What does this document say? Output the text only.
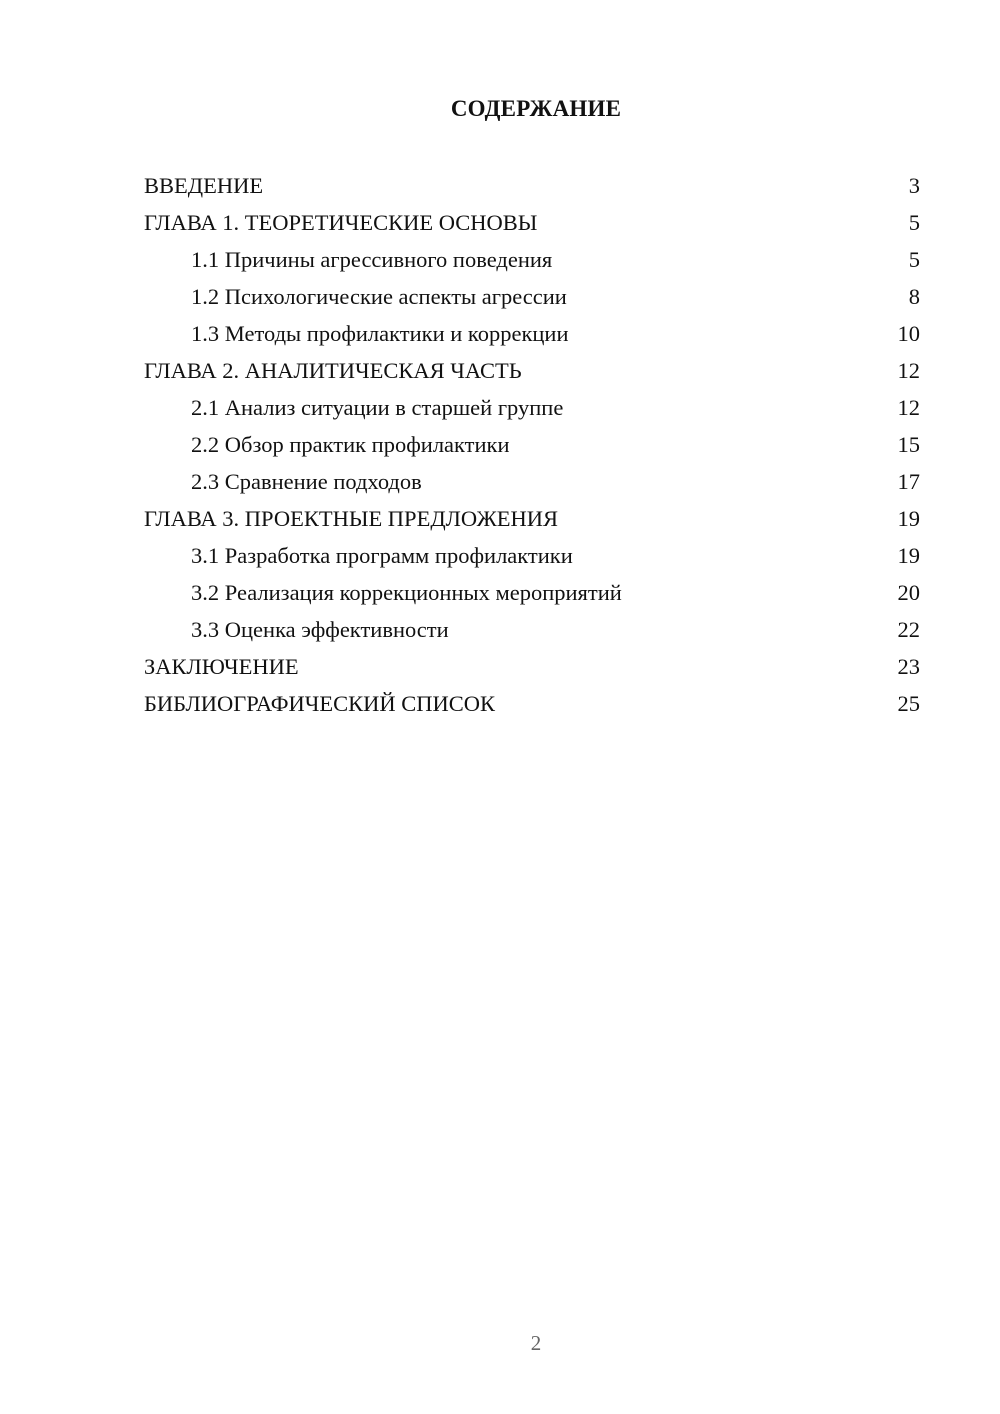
СОДЕРЖАНИЕ
ВВЕДЕНИЕ	3
ГЛАВА 1. ТЕОРЕТИЧЕСКИЕ ОСНОВЫ	5
1.1 Причины агрессивного поведения	5
1.2 Психологические аспекты агрессии	8
1.3 Методы профилактики и коррекции	10
ГЛАВА 2. АНАЛИТИЧЕСКАЯ ЧАСТЬ	12
2.1 Анализ ситуации в старшей группе	12
2.2 Обзор практик профилактики	15
2.3 Сравнение подходов	17
ГЛАВА 3. ПРОЕКТНЫЕ ПРЕДЛОЖЕНИЯ	19
3.1 Разработка программ профилактики	19
3.2 Реализация коррекционных мероприятий	20
3.3 Оценка эффективности	22
ЗАКЛЮЧЕНИЕ	23
БИБЛИОГРАФИЧЕСКИЙ СПИСОК	25
2
